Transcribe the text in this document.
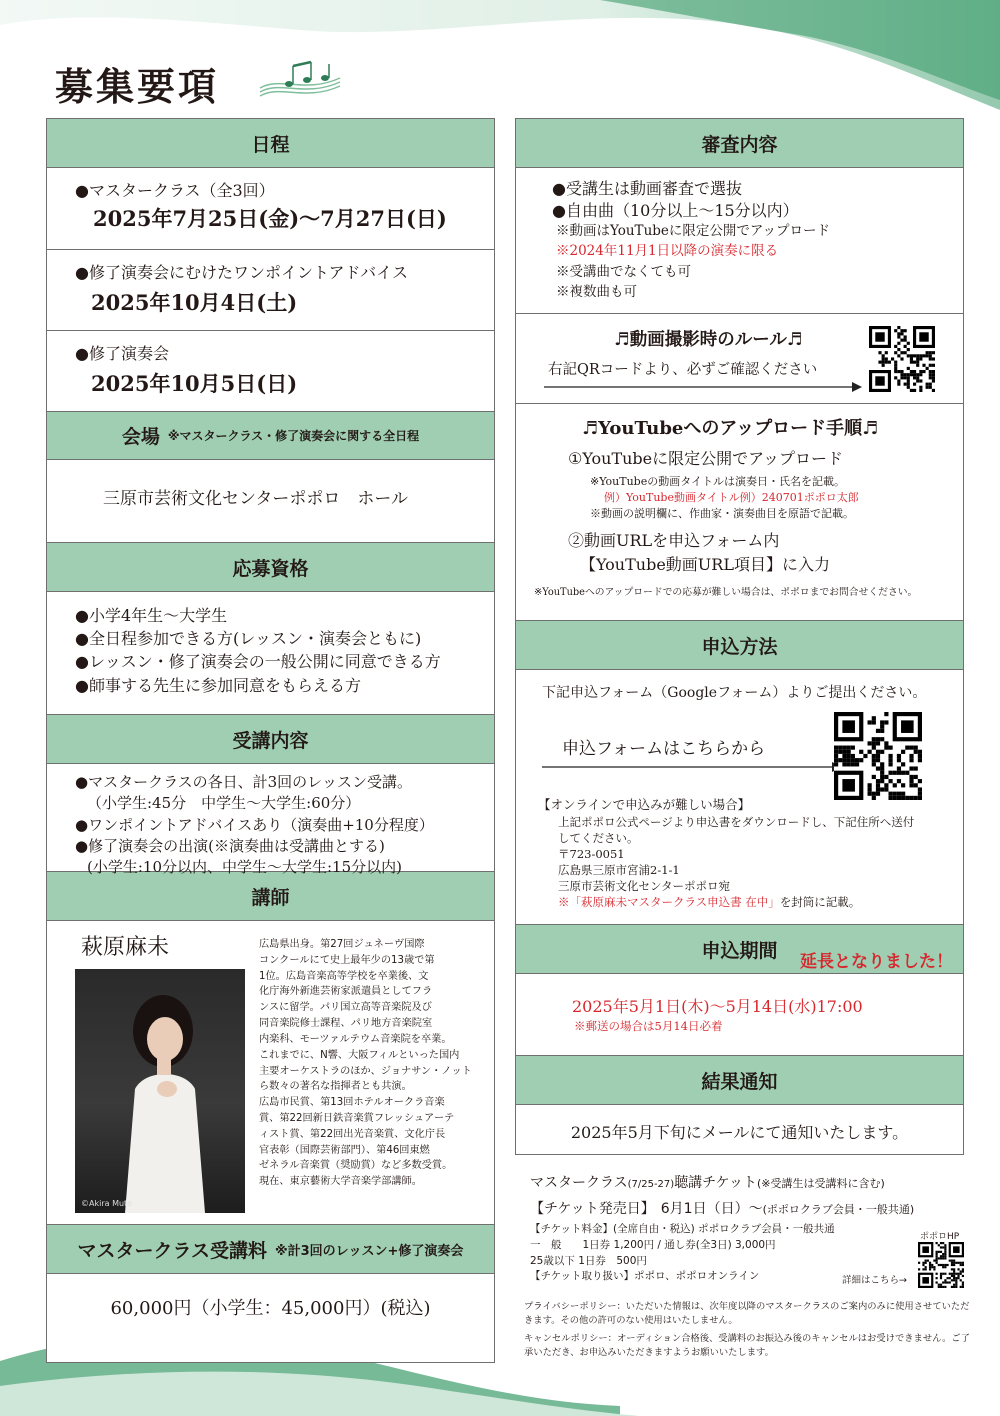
募集要項
日程
●マスタークラス（全3回）
2025年7月25日(金)〜7月27日(日)
●修了演奏会にむけたワンポイントアドバイス
2025年10月4日(土)
●修了演奏会
2025年10月5日(日)
会場 ※マスタークラス・修了演奏会に関する全日程
三原市芸術文化センターポポロ　ホール
応募資格
●小学4年生〜大学生
●全日程参加できる方(レッスン・演奏会ともに)
●レッスン・修了演奏会の一般公開に同意できる方
●師事する先生に参加同意をもらえる方
受講内容
●マスタークラスの各日、計3回のレッスン受講。
（小学生:45分　中学生〜大学生:60分）
●ワンポイントアドバイスあり（演奏曲+10分程度）
●修了演奏会の出演(※演奏曲は受講曲とする)
(小学生:10分以内、中学生〜大学生:15分以内)
講師
萩原麻未
©Akira Muto
広島県出身。第27回ジュネーヴ国際
コンクールにて史上最年少の13歳で第
1位。広島音楽高等学校を卒業後、文
化庁海外新進芸術家派遣員としてフラ
ンスに留学。パリ国立高等音楽院及び
同音楽院修士課程、パリ地方音楽院室
内楽科、モーツァルテウム音楽院を卒業。
これまでに、N響、大阪フィルといった国内
主要オーケストラのほか、ジョナサン・ノット
ら数々の著名な指揮者とも共演。
広島市民賞、第13回ホテルオークラ音楽
賞、第22回新日鉄音楽賞フレッシュアーテ
ィスト賞、第22回出光音楽賞、文化庁長
官表彰（国際芸術部門）、第46回東燃
ゼネラル音楽賞（奨励賞）など多数受賞。
現在、東京藝術大学音楽学部講師。
マスタークラス受講料 ※計3回のレッスン+修了演奏会
60,000円（小学生：45,000円）(税込)
審査内容
●受講生は動画審査で選抜
●自由曲（10分以上〜15分以内）
※動画はYouTubeに限定公開でアップロード
※2024年11月1日以降の演奏に限る
※受講曲でなくても可
※複数曲も可
♬動画撮影時のルール♬
右記QRコードより、必ずご確認ください
♬YouTubeへのアップロード手順♬
①YouTubeに限定公開でアップロード
※YouTubeの動画タイトルは演奏日・氏名を記載。
例）YouTube動画タイトル例）240701ポポロ太郎
※動画の説明欄に、作曲家・演奏曲目を原語で記載。
②動画URLを申込フォーム内
【YouTube動画URL項目】に入力
※YouTubeへのアップロードでの応募が難しい場合は、ポポロまでお問合せください。
申込方法
下記申込フォーム（Googleフォーム）よりご提出ください。
申込フォームはこちらから
【オンラインで申込みが難しい場合】
上記ポポロ公式ページより申込書をダウンロードし、下記住所へ送付
してください。
〒723-0051
広島県三原市宮浦2-1-1
三原市芸術文化センターポポロ宛
※「萩原麻未マスタークラス申込書 在中」を封筒に記載。
申込期間
延長となりました！
2025年5月1日(木)〜5月14日(水)17:00
※郵送の場合は5月14日必着
結果通知
2025年5月下旬にメールにて通知いたします。
マスタークラス(7/25-27)聴講チケット(※受講生は受講料に含む)
【チケット発売日】 6月1日（日）〜(ポポロクラブ会員・一般共通)
【チケット料金】(全席自由・税込) ポポロクラブ会員・一般共通
一　般　　1日券 1,200円 / 通し券(全3日) 3,000円
25歳以下 1日券　500円
【チケット取り扱い】ポポロ、ポポロオンライン
ポポロHP
詳細はこちら→
プライバシーポリシー：いただいた情報は、次年度以降のマスタークラスのご案内のみに使用させていただきます。その他の許可のない使用はいたしません。
キャンセルポリシー：オーディション合格後、受講料のお振込み後のキャンセルはお受けできません。ご了承いただき、お申込みいただきますようお願いいたします。
